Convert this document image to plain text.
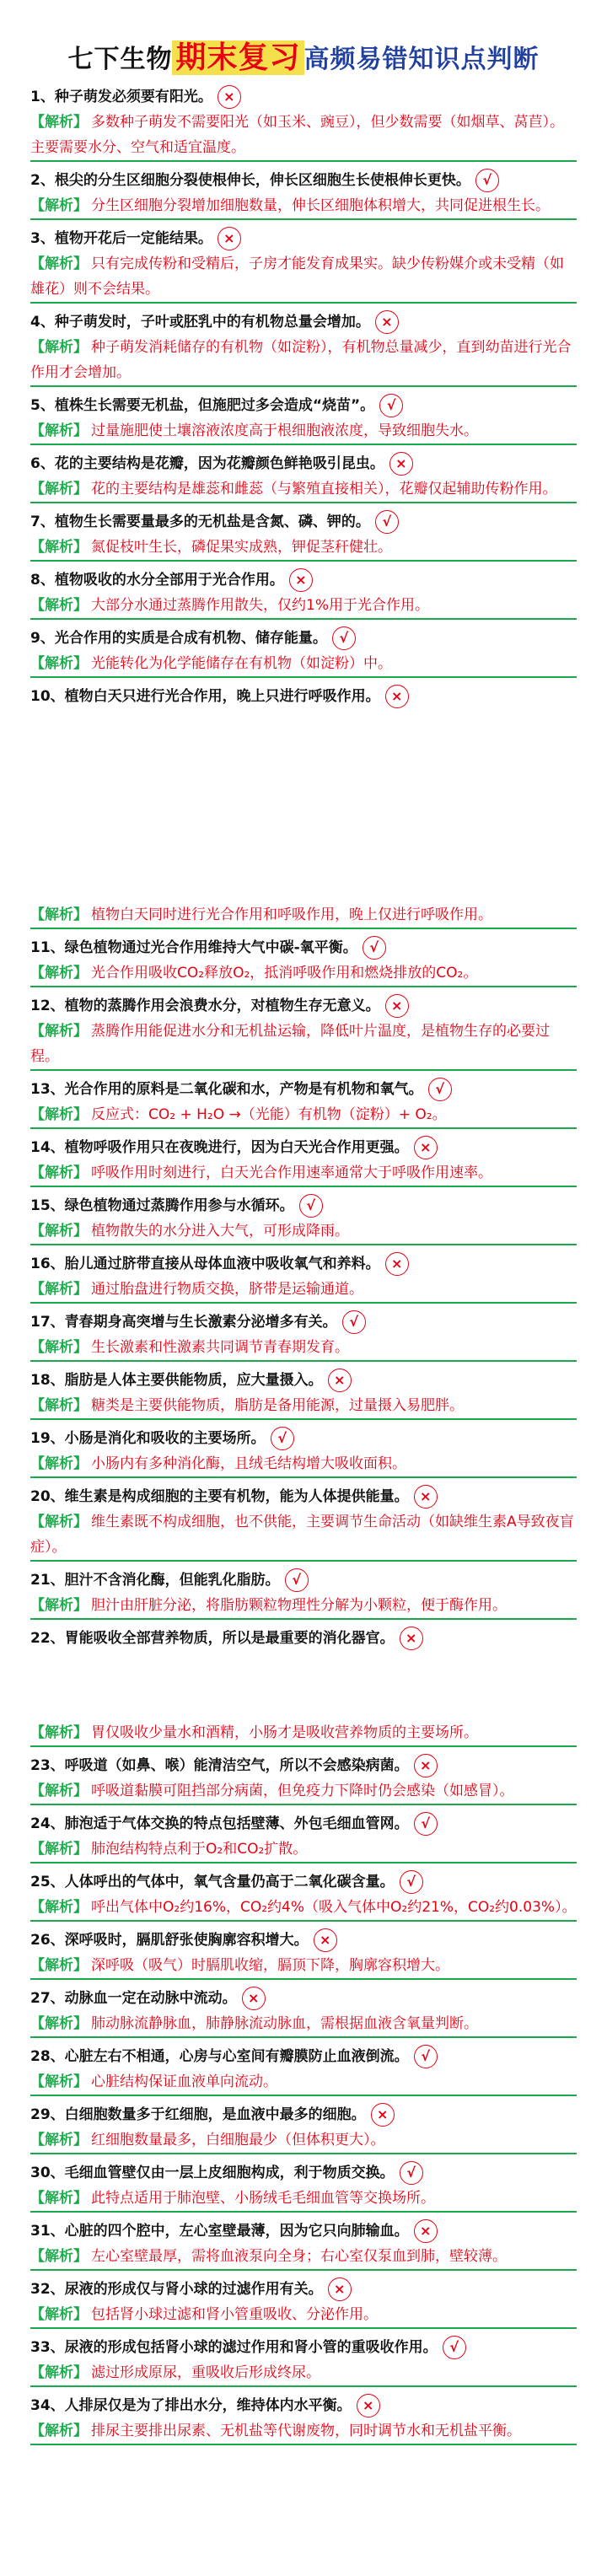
七下生物 期末复习 高频易错知识点判断
1、种子萌发必须要有阳光。 ×
【解析】 多数种子萌发不需要阳光（如玉米、豌豆），但少数需要（如烟草、莴苣）。主要需要水分、空气和适宜温度。
2、根尖的分生区细胞分裂使根伸长，伸长区细胞生长使根伸长更快。 √
【解析】 分生区细胞分裂增加细胞数量，伸长区细胞体积增大，共同促进根生长。
3、植物开花后一定能结果。 ×
【解析】 只有完成传粉和受精后，子房才能发育成果实。缺少传粉媒介或未受精（如雄花）则不会结果。
4、种子萌发时，子叶或胚乳中的有机物总量会增加。 ×
【解析】 种子萌发消耗储存的有机物（如淀粉），有机物总量减少，直到幼苗进行光合作用才会增加。
5、植株生长需要无机盐，但施肥过多会造成“烧苗”。 √
【解析】 过量施肥使土壤溶液浓度高于根细胞液浓度，导致细胞失水。
6、花的主要结构是花瓣，因为花瓣颜色鲜艳吸引昆虫。 ×
【解析】 花的主要结构是雄蕊和雌蕊（与繁殖直接相关），花瓣仅起辅助传粉作用。
7、植物生长需要量最多的无机盐是含氮、磷、钾的。 √
【解析】 氮促枝叶生长，磷促果实成熟，钾促茎秆健壮。
8、植物吸收的水分全部用于光合作用。 ×
【解析】 大部分水通过蒸腾作用散失，仅约1%用于光合作用。
9、光合作用的实质是合成有机物、储存能量。 √
【解析】 光能转化为化学能储存在有机物（如淀粉）中。
10、植物白天只进行光合作用，晚上只进行呼吸作用。 ×
【解析】 植物白天同时进行光合作用和呼吸作用，晚上仅进行呼吸作用。
11、绿色植物通过光合作用维持大气中碳-氧平衡。 √
【解析】 光合作用吸收CO₂释放O₂，抵消呼吸作用和燃烧排放的CO₂。
12、植物的蒸腾作用会浪费水分，对植物生存无意义。 ×
【解析】 蒸腾作用能促进水分和无机盐运输，降低叶片温度，是植物生存的必要过程。
13、光合作用的原料是二氧化碳和水，产物是有机物和氧气。 √
【解析】 反应式：CO₂ + H₂O →（光能）有机物（淀粉）+ O₂。
14、植物呼吸作用只在夜晚进行，因为白天光合作用更强。 ×
【解析】 呼吸作用时刻进行，白天光合作用速率通常大于呼吸作用速率。
15、绿色植物通过蒸腾作用参与水循环。 √
【解析】 植物散失的水分进入大气，可形成降雨。
16、胎儿通过脐带直接从母体血液中吸收氧气和养料。 ×
【解析】 通过胎盘进行物质交换，脐带是运输通道。
17、青春期身高突增与生长激素分泌增多有关。 √
【解析】 生长激素和性激素共同调节青春期发育。
18、脂肪是人体主要供能物质，应大量摄入。 ×
【解析】 糖类是主要供能物质，脂肪是备用能源，过量摄入易肥胖。
19、小肠是消化和吸收的主要场所。 √
【解析】 小肠内有多种消化酶，且绒毛结构增大吸收面积。
20、维生素是构成细胞的主要有机物，能为人体提供能量。 ×
【解析】 维生素既不构成细胞，也不供能，主要调节生命活动（如缺维生素A导致夜盲症）。
21、胆汁不含消化酶，但能乳化脂肪。 √
【解析】 胆汁由肝脏分泌，将脂肪颗粒物理性分解为小颗粒，便于酶作用。
22、胃能吸收全部营养物质，所以是最重要的消化器官。 ×
【解析】 胃仅吸收少量水和酒精，小肠才是吸收营养物质的主要场所。
23、呼吸道（如鼻、喉）能清洁空气，所以不会感染病菌。 ×
【解析】 呼吸道黏膜可阻挡部分病菌，但免疫力下降时仍会感染（如感冒）。
24、肺泡适于气体交换的特点包括壁薄、外包毛细血管网。 √
【解析】 肺泡结构特点利于O₂和CO₂扩散。
25、人体呼出的气体中，氧气含量仍高于二氧化碳含量。 √
【解析】 呼出气体中O₂约16%，CO₂约4%（吸入气体中O₂约21%，CO₂约0.03%）。
26、深呼吸时，膈肌舒张使胸廓容积增大。 ×
【解析】 深呼吸（吸气）时膈肌收缩，膈顶下降，胸廓容积增大。
27、动脉血一定在动脉中流动。 ×
【解析】 肺动脉流静脉血，肺静脉流动脉血，需根据血液含氧量判断。
28、心脏左右不相通，心房与心室间有瓣膜防止血液倒流。 √
【解析】 心脏结构保证血液单向流动。
29、白细胞数量多于红细胞，是血液中最多的细胞。 ×
【解析】 红细胞数量最多，白细胞最少（但体积更大）。
30、毛细血管壁仅由一层上皮细胞构成，利于物质交换。 √
【解析】 此特点适用于肺泡壁、小肠绒毛毛细血管等交换场所。
31、心脏的四个腔中，左心室壁最薄，因为它只向肺输血。 ×
【解析】 左心室壁最厚，需将血液泵向全身；右心室仅泵血到肺，壁较薄。
32、尿液的形成仅与肾小球的过滤作用有关。 ×
【解析】 包括肾小球过滤和肾小管重吸收、分泌作用。
33、尿液的形成包括肾小球的滤过作用和肾小管的重吸收作用。 √
【解析】 滤过形成原尿，重吸收后形成终尿。
34、人排尿仅是为了排出水分，维持体内水平衡。 ×
【解析】 排尿主要排出尿素、无机盐等代谢废物，同时调节水和无机盐平衡。
